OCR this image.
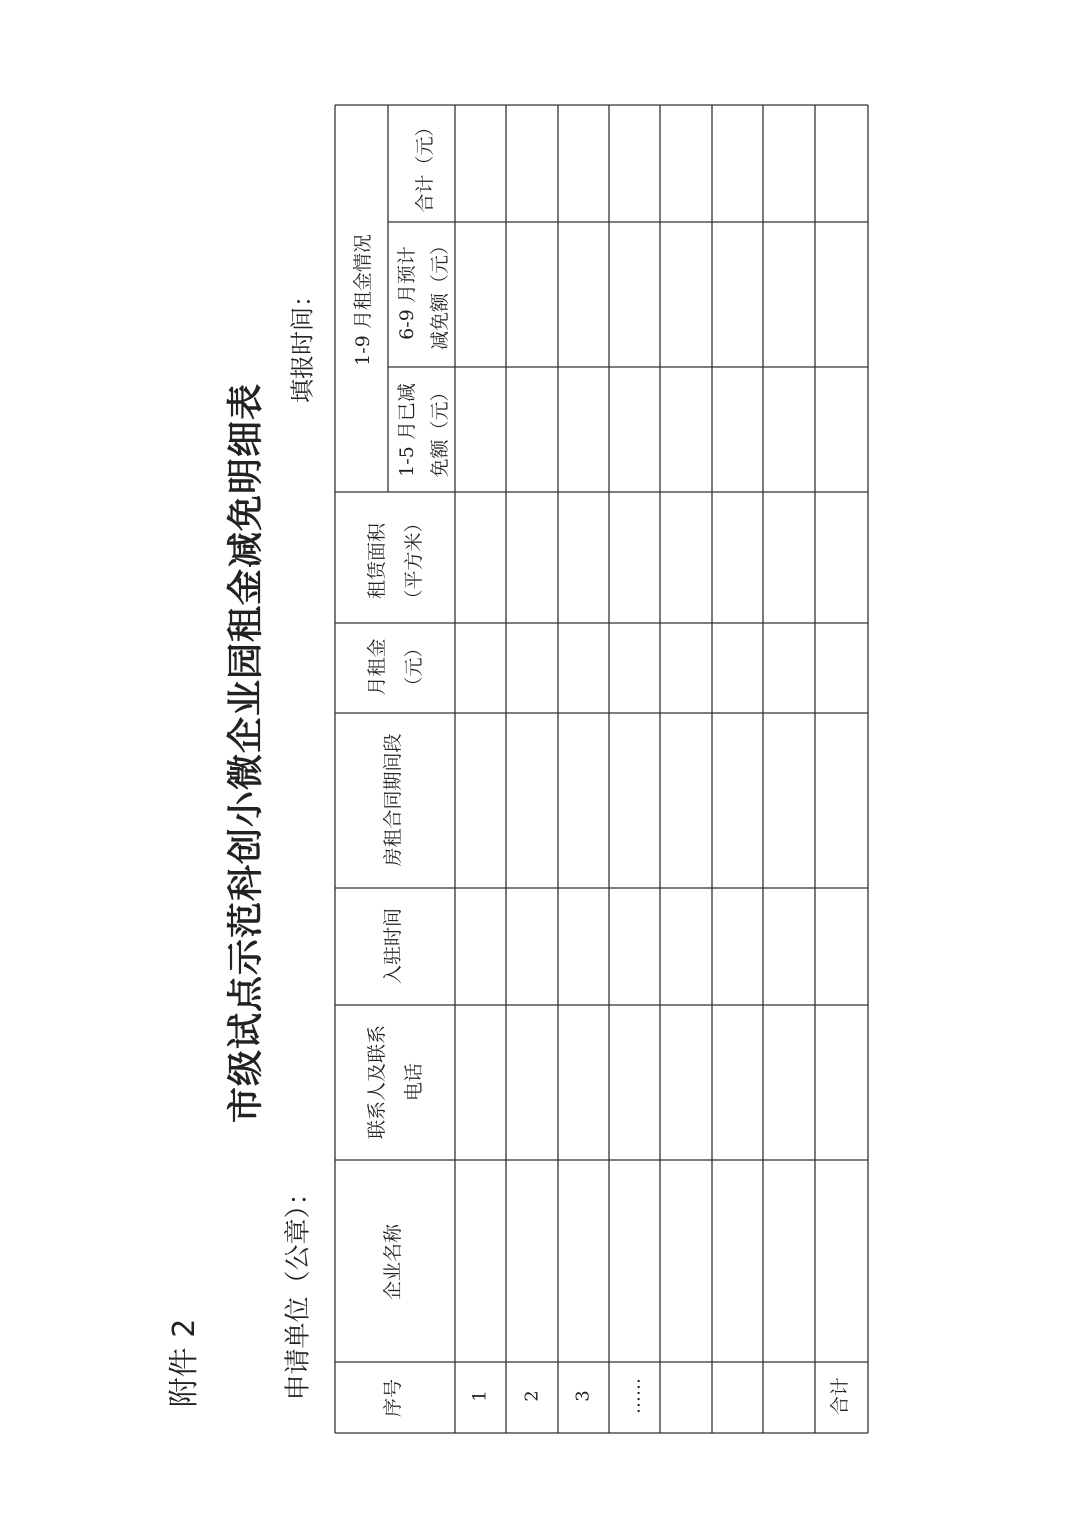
附件 2
市级试点示范科创小微企业园租金减免明细表
申请单位（公章）：
填报时间：
序号
企业名称
联系人及联系 电话
入驻时间
房租合同期间段
月租金 （元）
租赁面积 （平方米）
1-9 月租金情况
1-5 月已减 免额（元）
6-9 月预计 减免额（元）
合计（元）
1 2 3 ……	合计
